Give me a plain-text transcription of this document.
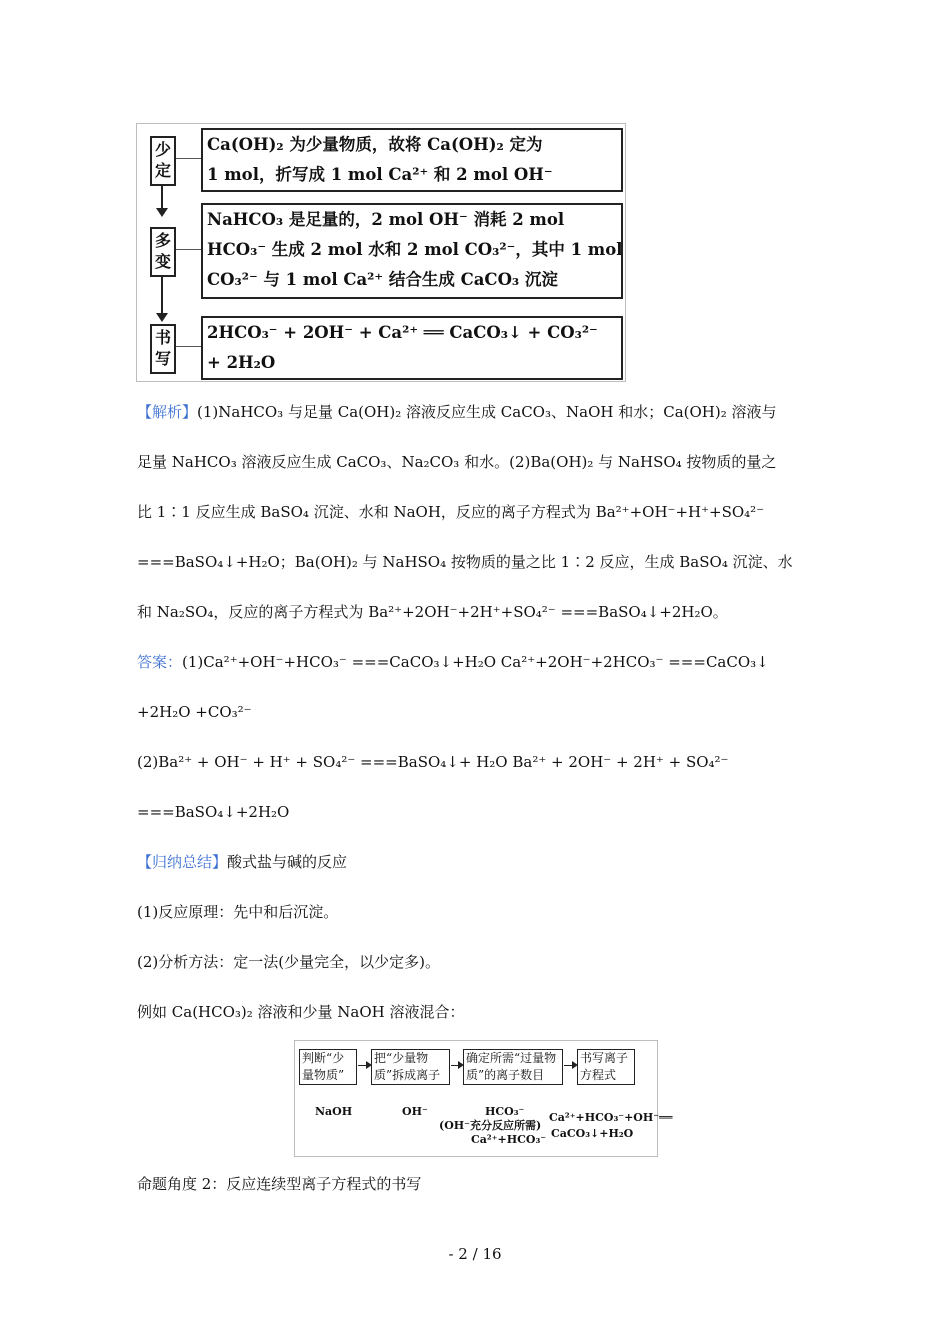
少定
Ca(OH)₂ 为少量物质，故将 Ca(OH)₂ 定为
1 mol，折写成 1 mol Ca²⁺ 和 2 mol OH⁻
多变
NaHCO₃ 是足量的，2 mol OH⁻ 消耗 2 mol
HCO₃⁻ 生成 2 mol 水和 2 mol CO₃²⁻，其中 1 mol
CO₃²⁻ 与 1 mol Ca²⁺ 结合生成 CaCO₃ 沉淀
书写
2HCO₃⁻ + 2OH⁻ + Ca²⁺ ══ CaCO₃↓ + CO₃²⁻
+ 2H₂O
【解析】(1)NaHCO₃ 与足量 Ca(OH)₂ 溶液反应生成 CaCO₃、NaOH 和水；Ca(OH)₂ 溶液与
足量 NaHCO₃ 溶液反应生成 CaCO₃、Na₂CO₃ 和水。(2)Ba(OH)₂ 与 NaHSO₄ 按物质的量之
比 1∶1 反应生成 BaSO₄ 沉淀、水和 NaOH，反应的离子方程式为 Ba²⁺+OH⁻+H⁺+SO₄²⁻
===BaSO₄↓+H₂O；Ba(OH)₂ 与 NaHSO₄ 按物质的量之比 1∶2 反应，生成 BaSO₄ 沉淀、水
和 Na₂SO₄，反应的离子方程式为 Ba²⁺+2OH⁻+2H⁺+SO₄²⁻ ===BaSO₄↓+2H₂O。
答案：(1)Ca²⁺+OH⁻+HCO₃⁻ ===CaCO₃↓+H₂O Ca²⁺+2OH⁻+2HCO₃⁻ ===CaCO₃↓
+2H₂O +CO₃²⁻
(2)Ba²⁺ + OH⁻ + H⁺ + SO₄²⁻ ===BaSO₄↓+ H₂O Ba²⁺ + 2OH⁻ + 2H⁺ + SO₄²⁻
===BaSO₄↓+2H₂O
【归纳总结】酸式盐与碱的反应
(1)反应原理：先中和后沉淀。
(2)分析方法：定一法(少量完全，以少定多)。
例如 Ca(HCO₃)₂ 溶液和少量 NaOH 溶液混合：
判断“少量物质”
把“少量物质”拆成离子
确定所需“过量物质”的离子数目
书写离子方程式
NaOH	OH⁻	HCO₃⁻
(OH⁻充分反应所需)
Ca²⁺+HCO₃⁻
Ca²⁺+HCO₃⁻+OH⁻══
CaCO₃↓+H₂O
命题角度 2：反应连续型离子方程式的书写
- 2 / 16
